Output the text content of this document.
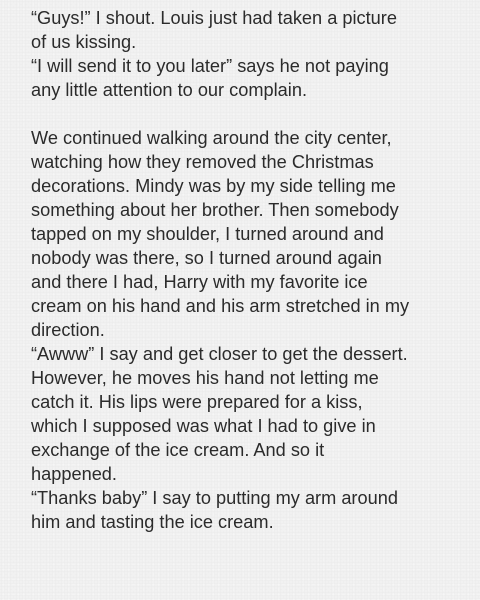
“Guys!” I shout. Louis just had taken a picture
of us kissing.
“I will send it to you later” says he not paying
any little attention to our complain.
We continued walking around the city center,
watching how they removed the Christmas
decorations. Mindy was by my side telling me
something about her brother. Then somebody
tapped on my shoulder, I turned around and
nobody was there, so I turned around again
and there I had, Harry with my favorite ice
cream on his hand and his arm stretched in my
direction.
“Awww” I say and get closer to get the dessert.
However, he moves his hand not letting me
catch it. His lips were prepared for a kiss,
which I supposed was what I had to give in
exchange of the ice cream. And so it
happened.
“Thanks baby” I say to putting my arm around
him and tasting the ice cream.
